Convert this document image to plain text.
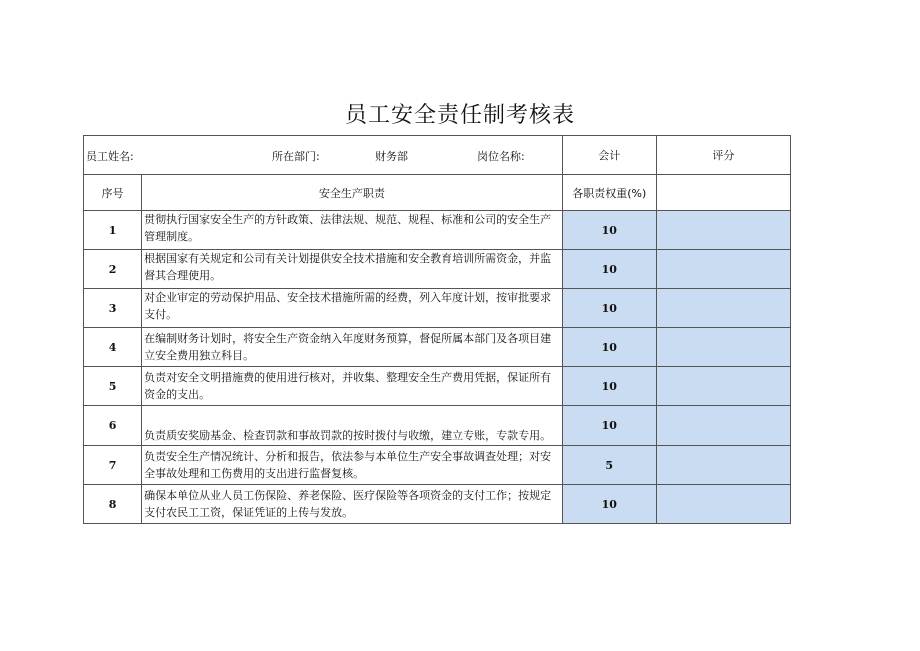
员工安全责任制考核表
员工姓名: 所在部门: 财务部 岗位名称:		会计	评分
序号	安全生产职责	各职责权重(%)	
1	贯彻执行国家安全生产的方针政策、法律法规、规范、规程、标准和公司的安全生产管理制度。	10	
2	根据国家有关规定和公司有关计划提供安全技术措施和安全教育培训所需资金，并监督其合理使用。	10	
3	对企业审定的劳动保护用品、安全技术措施所需的经费，列入年度计划，按审批要求支付。	10	
4	在编制财务计划时，将安全生产资金纳入年度财务预算，督促所属本部门及各项目建立安全费用独立科目。	10	
5	负责对安全文明措施费的使用进行核对，并收集、整理安全生产费用凭据，保证所有资金的支出。	10	
6	负责质安奖励基金、检查罚款和事故罚款的按时拨付与收缴，建立专账，专款专用。	10	
7	负责安全生产情况统计、分析和报告，依法参与本单位生产安全事故调查处理；对安全事故处理和工伤费用的支出进行监督复核。	5	
8	确保本单位从业人员工伤保险、养老保险、医疗保险等各项资金的支付工作；按规定支付农民工工资，保证凭证的上传与发放。	10	
